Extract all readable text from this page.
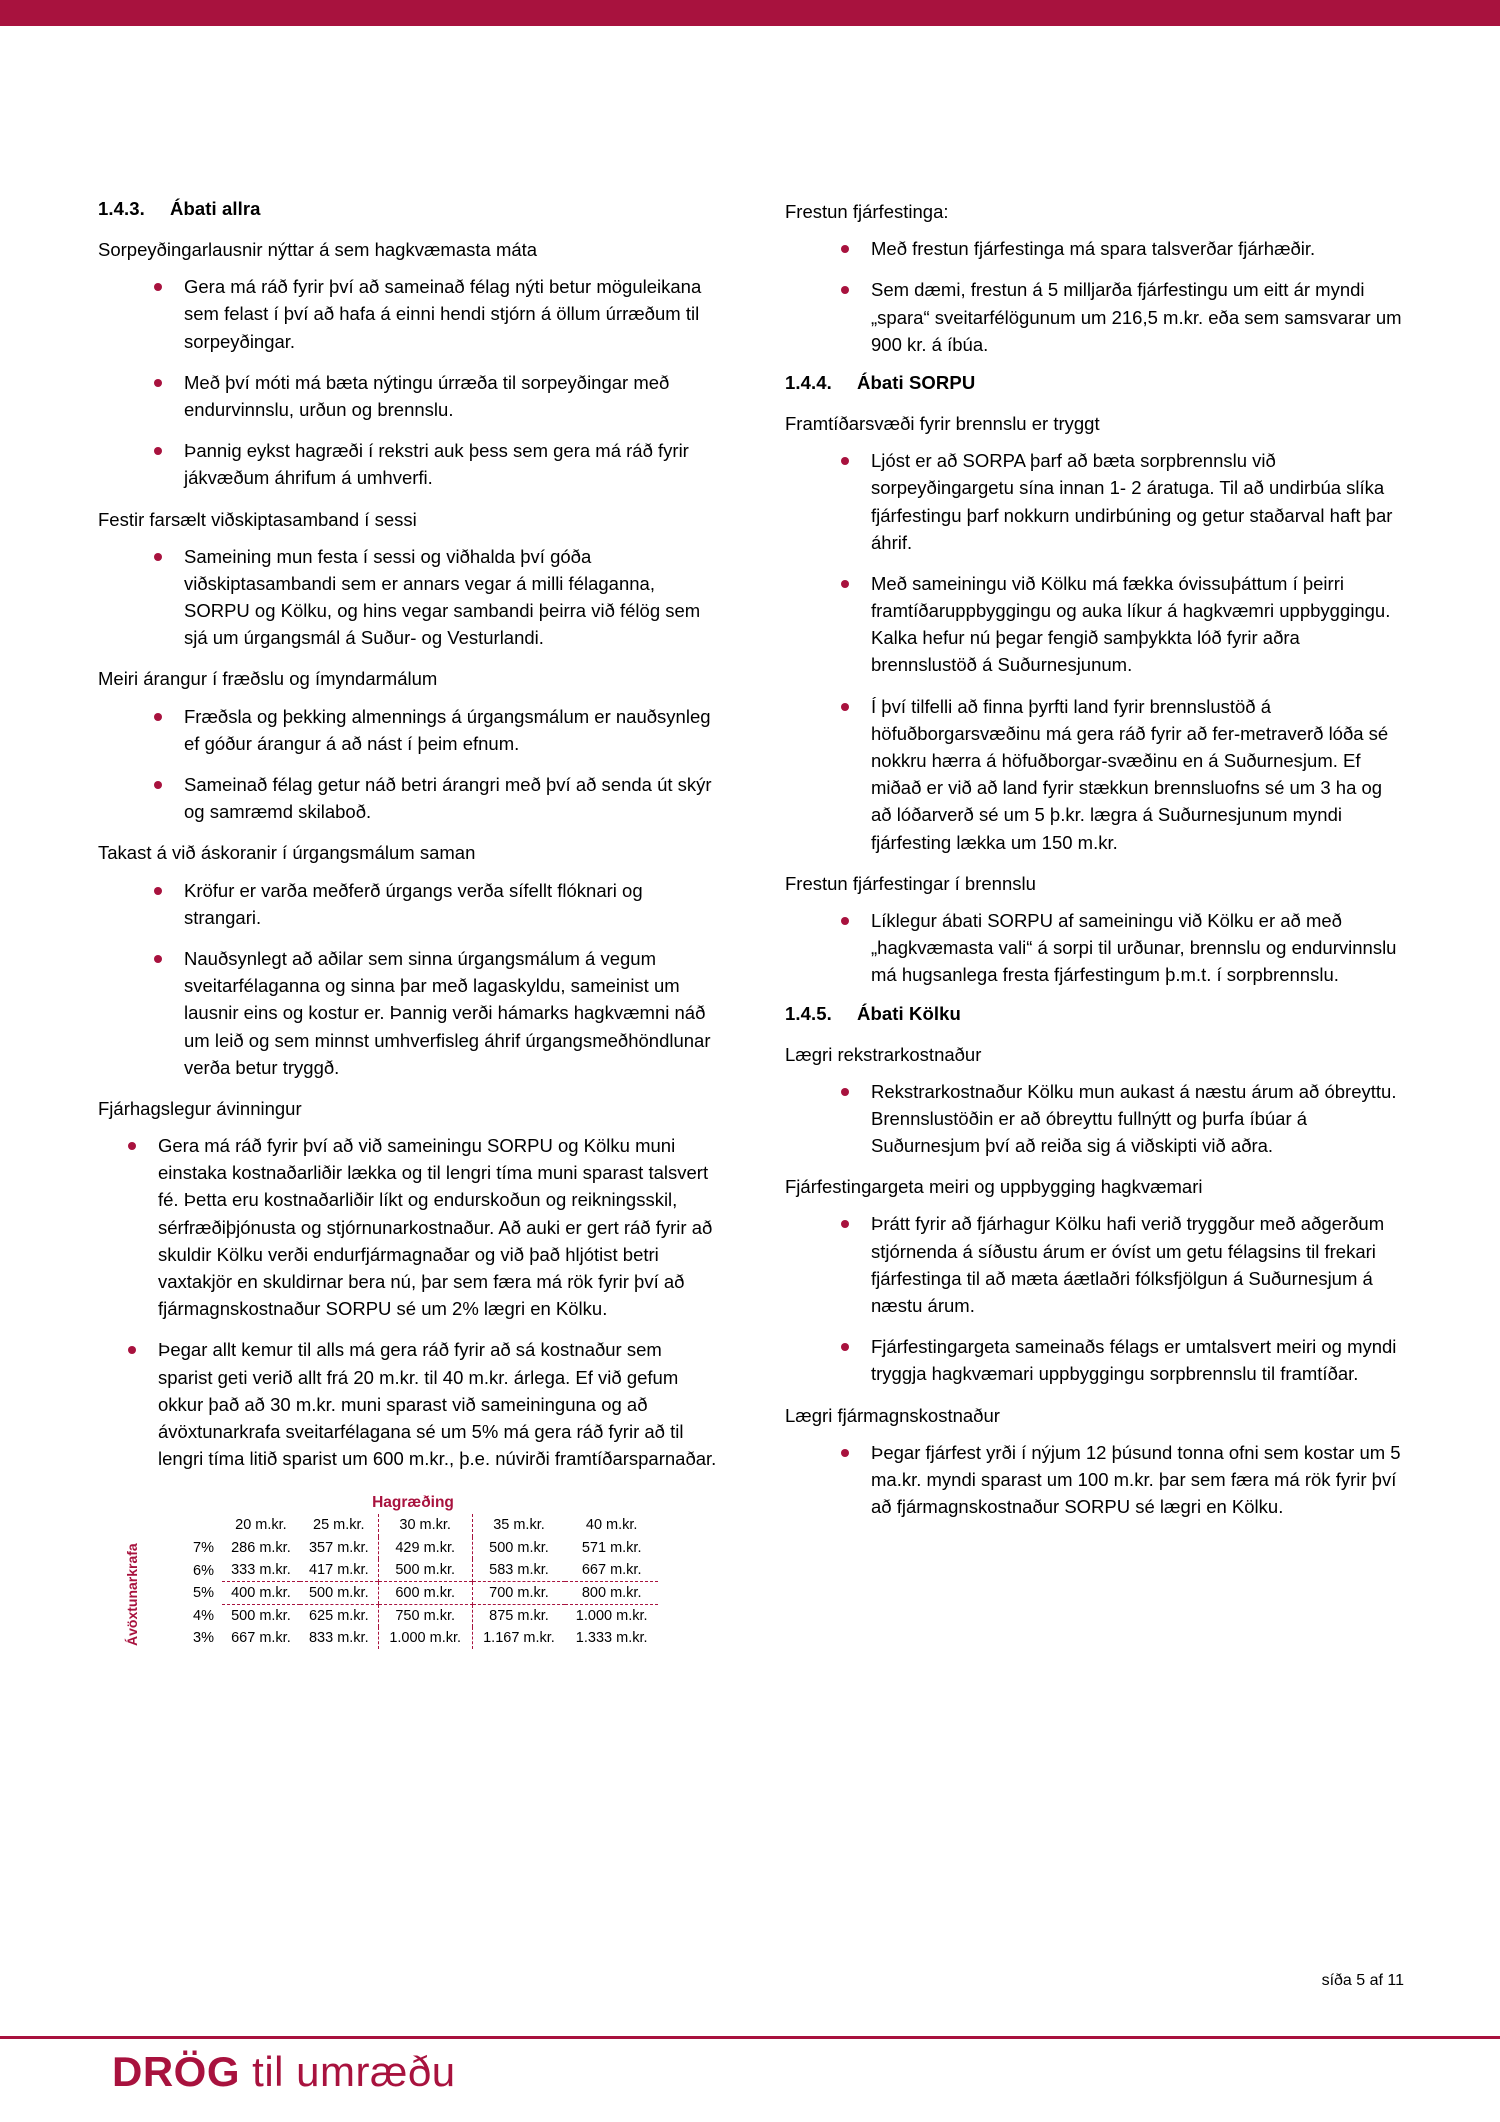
1.4.3. Ábati allra

Sorpeyðingarlausnir nýttar á sem hagkvæmasta máta

Gera má ráð fyrir því að sameinað félag nýti betur möguleikana sem felast í því að hafa á einni hendi stjórn á öllum úrræðum til sorpeyðingar.
Með því móti má bæta nýtingu úrræða til sorpeyðingar með endurvinnslu, urðun og brennslu.
Þannig eykst hagræði í rekstri auk þess sem gera má ráð fyrir jákvæðum áhrifum á umhverfi.

Festir farsælt viðskiptasamband í sessi

Sameining mun festa í sessi og viðhalda því góða viðskiptasambandi sem er annars vegar á milli félaganna, SORPU og Kölku, og hins vegar sambandi þeirra við félög sem sjá um úrgangsmál á Suður- og Vesturlandi.

Meiri árangur í fræðslu og ímyndarmálum

Fræðsla og þekking almennings á úrgangsmálum er nauðsynleg ef góður árangur á að nást í þeim efnum.
Sameinað félag getur náð betri árangri með því að senda út skýr og samræmd skilaboð.

Takast á við áskoranir í úrgangsmálum saman

Kröfur er varða meðferð úrgangs verða sífellt flóknari og strangari.
Nauðsynlegt að aðilar sem sinna úrgangsmálum á vegum sveitarfélaganna og sinna þar með lagaskyldu, sameinist um lausnir eins og kostur er. Þannig verði hámarks hagkvæmni náð um leið og sem minnst umhverfisleg áhrif úrgangsmeðhöndlunar verða betur tryggð.

Fjárhagslegur ávinningur

Gera má ráð fyrir því að við sameiningu SORPU og Kölku muni einstaka kostnaðarliðir lækka og til lengri tíma muni sparast talsvert fé. Þetta eru kostnaðarliðir líkt og endurskoðun og reikningsskil, sérfræðiþjónusta og stjórnunarkostnaður. Að auki er gert ráð fyrir að skuldir Kölku verði endurfjármagnaðar og við það hljótist betri vaxtakjör en skuldirnar bera nú, þar sem færa má rök fyrir því að fjármagnskostnaður SORPU sé um 2% lægri en Kölku.
Þegar allt kemur til alls má gera ráð fyrir að sá kostnaður sem sparist geti verið allt frá 20 m.kr. til 40 m.kr. árlega. Ef við gefum okkur það að 30 m.kr. muni sparast við sameininguna og að ávöxtunarkrafa sveitarfélagana sé um 5% má gera ráð fyrir að til lengri tíma litið sparist um 600 m.kr., þ.e. núvirði framtíðarsparnaðar.
Ávöxtunarkrafa
Hagræðing
	20 m.kr.	25 m.kr.	30 m.kr.	35 m.kr.	40 m.kr.
7%	286 m.kr.	357 m.kr.	429 m.kr.	500 m.kr.	571 m.kr.
6%	333 m.kr.	417 m.kr.	500 m.kr.	583 m.kr.	667 m.kr.
5%	400 m.kr.	500 m.kr.	600 m.kr.	700 m.kr.	800 m.kr.
4%	500 m.kr.	625 m.kr.	750 m.kr.	875 m.kr.	1.000 m.kr.
3%	667 m.kr.	833 m.kr.	1.000 m.kr.	1.167 m.kr.	1.333 m.kr.

Frestun fjárfestinga:

Með frestun fjárfestinga má spara talsverðar fjárhæðir.
Sem dæmi, frestun á 5 milljarða fjárfestingu um eitt ár myndi „spara“ sveitarfélögunum um 216,5 m.kr. eða sem samsvarar um 900 kr. á íbúa.
1.4.4. Ábati SORPU

Framtíðarsvæði fyrir brennslu er tryggt

Ljóst er að SORPA þarf að bæta sorpbrennslu við sorpeyðingargetu sína innan 1- 2 áratuga. Til að undirbúa slíka fjárfestingu þarf nokkurn undirbúning og getur staðarval haft þar áhrif.
Með sameiningu við Kölku má fækka óvissuþáttum í þeirri framtíðaruppbyggingu og auka líkur á hagkvæmri uppbyggingu. Kalka hefur nú þegar fengið samþykkta lóð fyrir aðra brennslustöð á Suðurnesjunum.
Í því tilfelli að finna þyrfti land fyrir brennslustöð á höfuðborgarsvæðinu má gera ráð fyrir að fer-metraverð lóða sé nokkru hærra á höfuðborgar-svæðinu en á Suðurnesjum. Ef miðað er við að land fyrir stækkun brennsluofns sé um 3 ha og að lóðarverð sé um 5 þ.kr. lægra á Suðurnesjunum myndi fjárfesting lækka um 150 m.kr.

Frestun fjárfestingar í brennslu

Líklegur ábati SORPU af sameiningu við Kölku er að með „hagkvæmasta vali“ á sorpi til urðunar, brennslu og endurvinnslu má hugsanlega fresta fjárfestingum þ.m.t. í sorpbrennslu.
1.4.5. Ábati Kölku

Lægri rekstrarkostnaður

Rekstrarkostnaður Kölku mun aukast á næstu árum að óbreyttu. Brennslustöðin er að óbreyttu fullnýtt og þurfa íbúar á Suðurnesjum því að reiða sig á viðskipti við aðra.

Fjárfestingargeta meiri og uppbygging hagkvæmari

Þrátt fyrir að fjárhagur Kölku hafi verið tryggður með aðgerðum stjórnenda á síðustu árum er óvíst um getu félagsins til frekari fjárfestinga til að mæta áætlaðri fólksfjölgun á Suðurnesjum á næstu árum.
Fjárfestingargeta sameinaðs félags er umtalsvert meiri og myndi tryggja hagkvæmari uppbyggingu sorpbrennslu til framtíðar.

Lægri fjármagnskostnaður

Þegar fjárfest yrði í nýjum 12 þúsund tonna ofni sem kostar um 5 ma.kr. myndi sparast um 100 m.kr. þar sem færa má rök fyrir því að fjármagnskostnaður SORPU sé lægri en Kölku.
síða 5 af 11
DRÖG til umræðu
